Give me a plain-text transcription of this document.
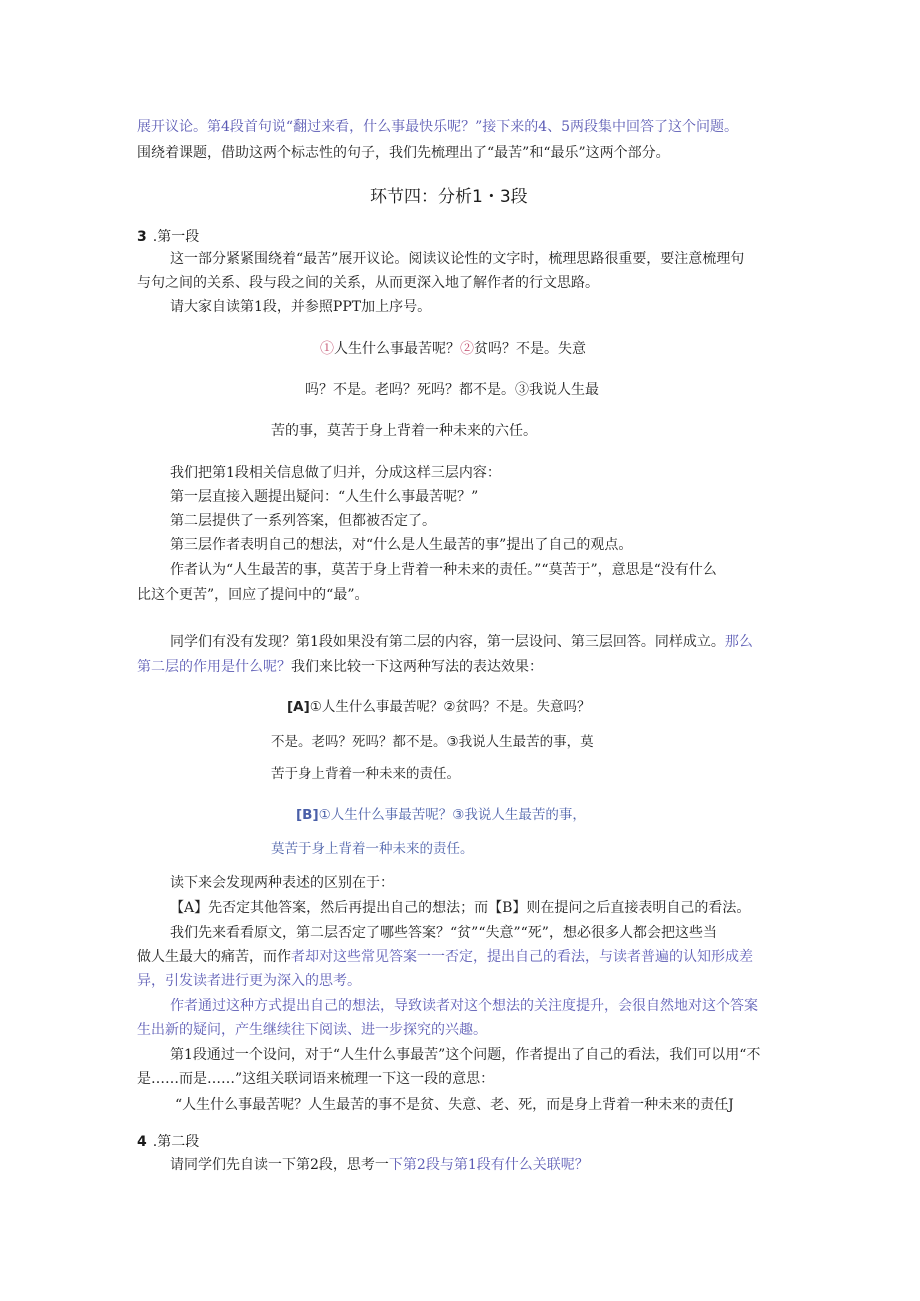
展开议论。第4段首句说“翻过来看，什么事最快乐呢？”接下来的4、5两段集中回答了这个问题。
围绕着课题，借助这两个标志性的句子，我们先梳理出了“最苦”和“最乐”这两个部分。
环节四：分析1・3段
3 .第一段
这一部分紧紧围绕着“最苦”展开议论。阅读议论性的文字时，梳理思路很重要，要注意梳理句
与句之间的关系、段与段之间的关系，从而更深入地了解作者的行文思路。
请大家自读第1段，并参照PPT加上序号。
①人生什么事最苦呢？②贫吗？不是。失意
吗？不是。老吗？死吗？都不是。③我说人生最
苦的事，莫苦于身上背着一种未来的六任。
我们把第1段相关信息做了归并，分成这样三层内容：
第一层直接入题提出疑问：“人生什么事最苦呢？”
第二层提供了一系列答案，但都被否定了。
第三层作者表明自己的想法，对“什么是人生最苦的事”提出了自己的观点。
作者认为“人生最苦的事，莫苦于身上背着一种未来的责任。”“莫苦于”，意思是“没有什么
比这个更苦”，回应了提问中的“最”。
同学们有没有发现？第1段如果没有第二层的内容，第一层设问、第三层回答。同样成立。那么
第二层的作用是什么呢？我们来比较一下这两种写法的表达效果：
[A]①人生什么事最苦呢？②贫吗？不是。失意吗？
不是。老吗？死吗？都不是。③我说人生最苦的事，莫
苦于身上背着一种未来的责任。
[B]①人生什么事最苦呢？③我说人生最苦的事，
莫苦于身上背着一种未来的责任。
读下来会发现两种表述的区别在于：
【A】先否定其他答案，然后再提出自己的想法；而【B】则在提问之后直接表明自己的看法。
我们先来看看原文，第二层否定了哪些答案？“贫”“失意”“死”，想必很多人都会把这些当
做人生最大的痛苦，而作者却对这些常见答案一一否定，提出自己的看法，与读者普遍的认知形成差
异，引发读者进行更为深入的思考。
作者通过这种方式提出自己的想法，导致读者对这个想法的关注度提升，会很自然地对这个答案
生出新的疑问，产生继续往下阅读、进一步探究的兴趣。
第1段通过一个设问，对于“人生什么事最苦”这个问题，作者提出了自己的看法，我们可以用“不
是……而是……”这组关联词语来梳理一下这一段的意思：
“人生什么事最苦呢？人生最苦的事不是贫、失意、老、死，而是身上背着一种未来的责任J
4 .第二段
请同学们先自读一下第2段，思考一下第2段与第1段有什么关联呢？
